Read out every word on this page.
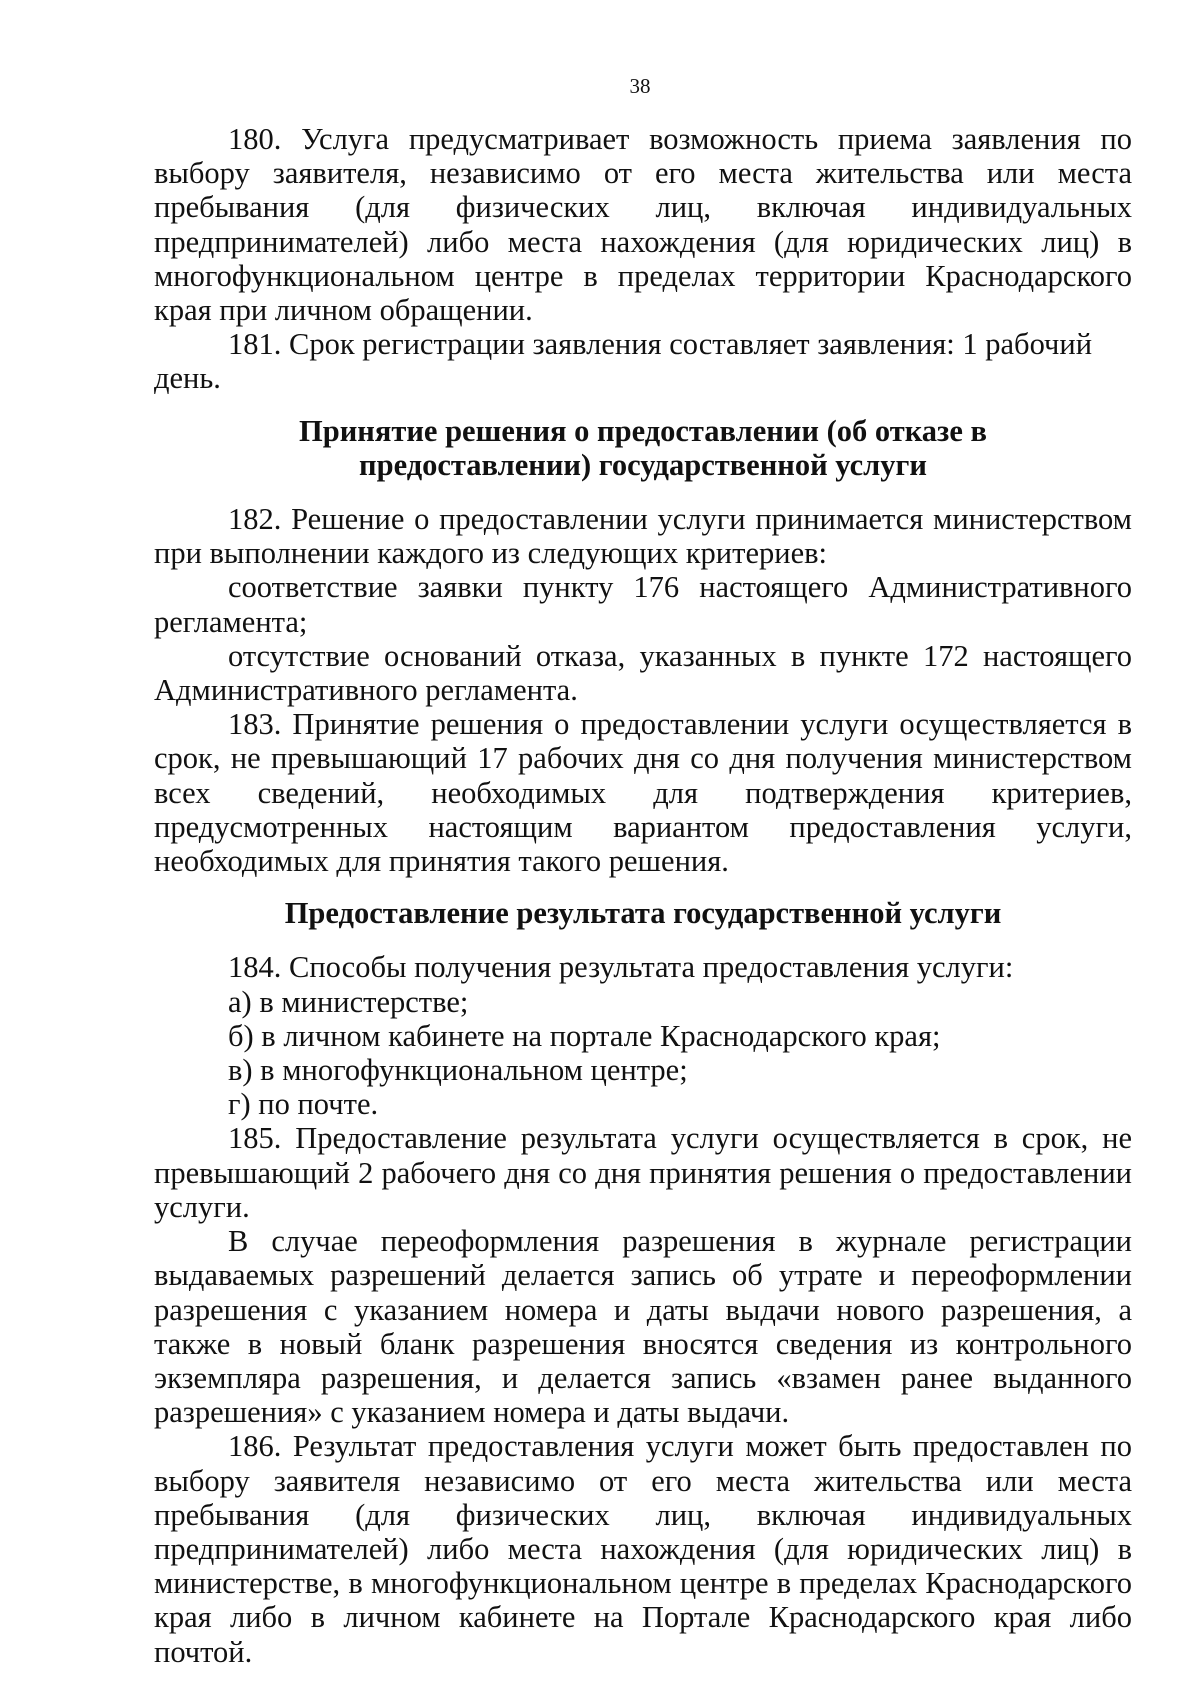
38

180. Услуга предусматривает возможность приема заявления по выбору заявителя, независимо от его места жительства или места пребывания (для физических лиц, включая индивидуальных предпринимателей) либо места нахождения (для юридических лиц) в многофункциональном центре в пределах территории Краснодарского края при личном обращении.

181. Срок регистрации заявления составляет заявления: 1 рабочий день.

Принятие решения о предоставлении (об отказе в

предоставлении) государственной услуги

182. Решение о предоставлении услуги принимается министерством при выполнении каждого из следующих критериев:

соответствие заявки пункту 176 настоящего Административного регламента;

отсутствие оснований отказа, указанных в пункте 172 настоящего Административного регламента.

183. Принятие решения о предоставлении услуги осуществляется в срок, не превышающий 17 рабочих дня со дня получения министерством всех сведений, необходимых для подтверждения критериев, предусмотренных настоящим вариантом предоставления услуги, необходимых для принятия такого решения.

Предоставление результата государственной услуги

184. Способы получения результата предоставления услуги:

а) в министерстве;

б) в личном кабинете на портале Краснодарского края;

в) в многофункциональном центре;

г) по почте.

185. Предоставление результата услуги осуществляется в срок, не превышающий 2 рабочего дня со дня принятия решения о предоставлении услуги.

В случае переоформления разрешения в журнале регистрации выдаваемых разрешений делается запись об утрате и переоформлении разрешения с указанием номера и даты выдачи нового разрешения, а также в новый бланк разрешения вносятся сведения из контрольного экземпляра разрешения, и делается запись «взамен ранее выданного разрешения» с указанием номера и даты выдачи.

186. Результат предоставления услуги может быть предоставлен по выбору заявителя независимо от его места жительства или места пребывания (для физических лиц, включая индивидуальных предпринимателей) либо места нахождения (для юридических лиц) в министерстве, в многофункциональном центре в пределах Краснодарского края либо в личном кабинете на Портале Краснодарского края либо почтой.
